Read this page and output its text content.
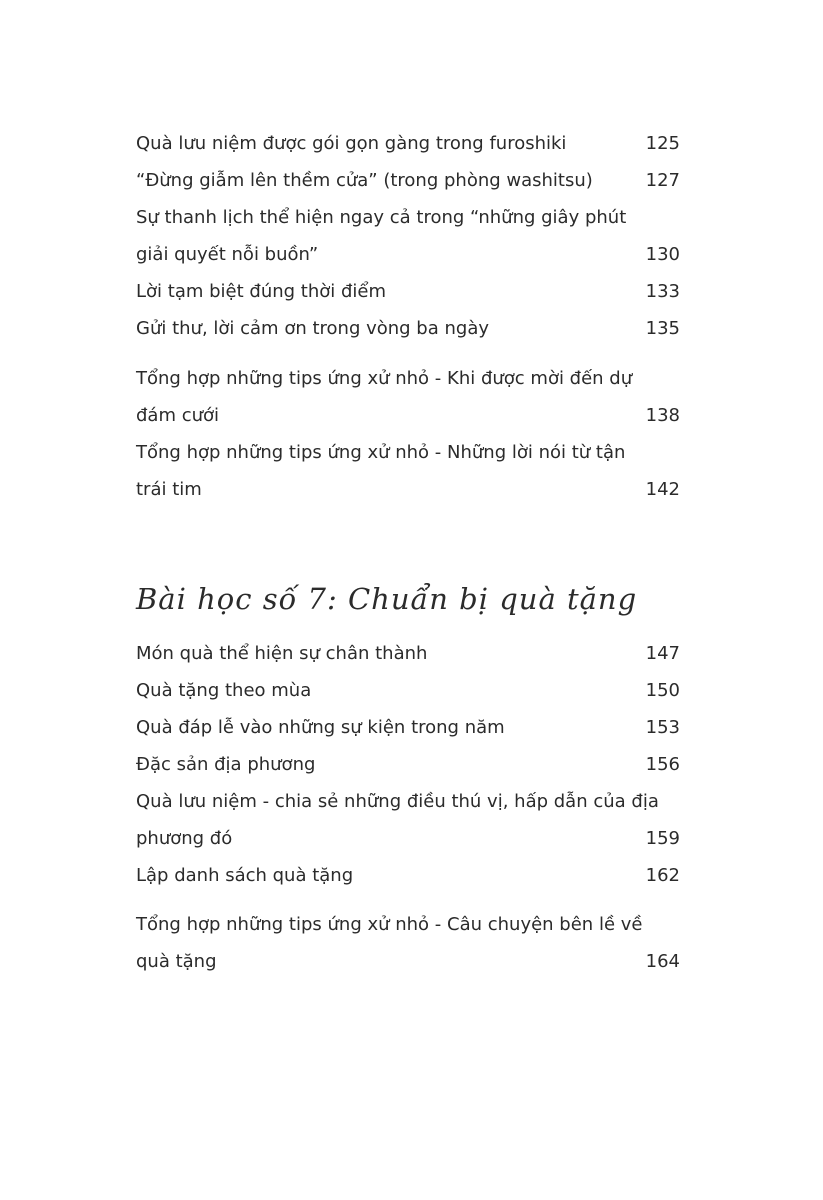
Quà lưu niệm được gói gọn gàng trong furoshiki	125
“Đừng giẫm lên thềm cửa” (trong phòng washitsu)	127
Sự thanh lịch thể hiện ngay cả trong “những giây phút
giải quyết nỗi buồn”	130
Lời tạm biệt đúng thời điểm	133
Gửi thư, lời cảm ơn trong vòng ba ngày	135
Tổng hợp những tips ứng xử nhỏ - Khi được mời đến dự
đám cưới	138
Tổng hợp những tips ứng xử nhỏ - Những lời nói từ tận
trái tim	142
Bài học số 7: Chuẩn bị quà tặng
Món quà thể hiện sự chân thành	147
Quà tặng theo mùa	150
Quà đáp lễ vào những sự kiện trong năm	153
Đặc sản địa phương	156
Quà lưu niệm - chia sẻ những điều thú vị, hấp dẫn của địa
phương đó	159
Lập danh sách quà tặng	162
Tổng hợp những tips ứng xử nhỏ - Câu chuyện bên lề về
quà tặng	164
